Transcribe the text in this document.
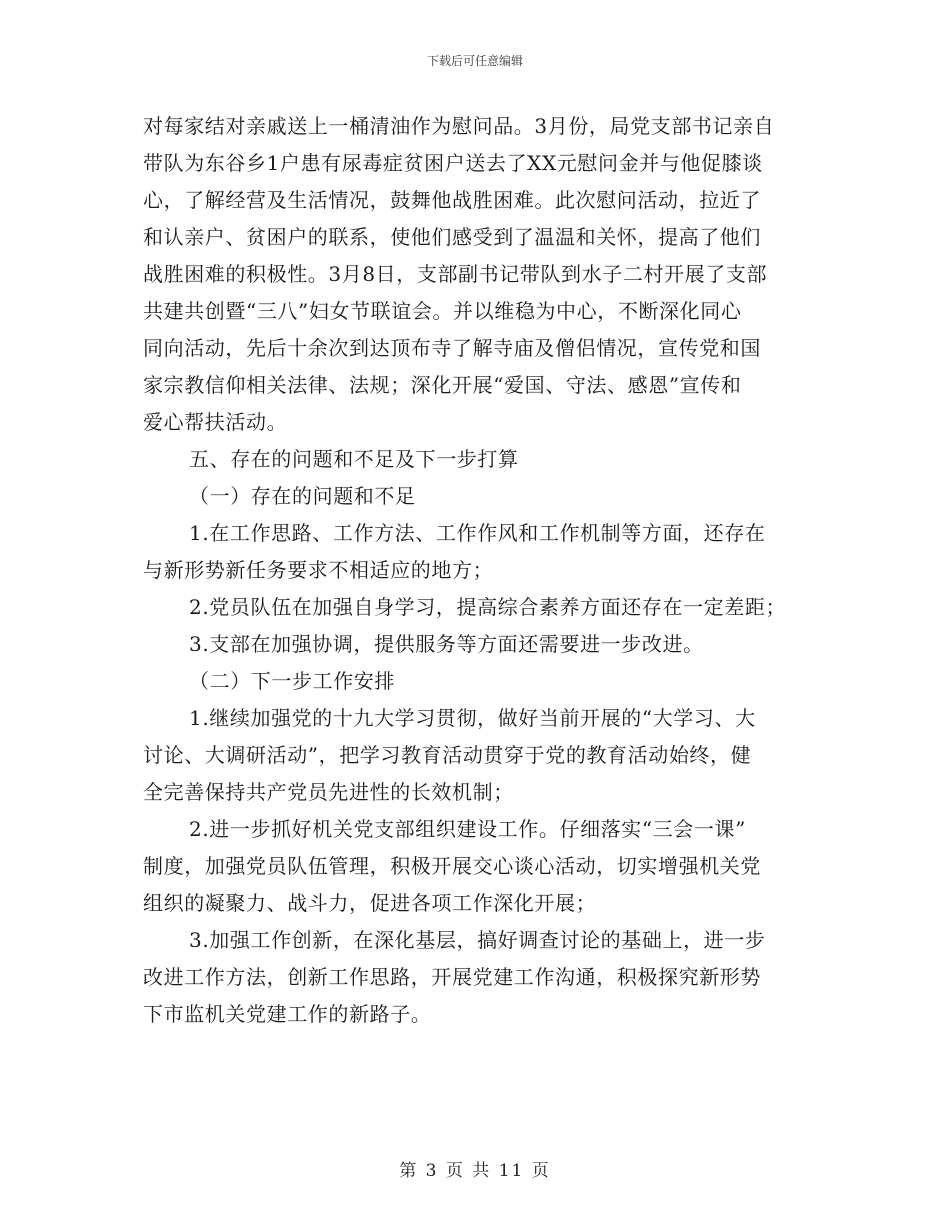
下载后可任意编辑
对每家结对亲戚送上一桶清油作为慰问品。3月份，局党支部书记亲自
带队为东谷乡1户患有尿毒症贫困户送去了XX元慰问金并与他促膝谈
心，了解经营及生活情况，鼓舞他战胜困难。此次慰问活动，拉近了
和认亲户、贫困户的联系，使他们感受到了温温和关怀，提高了他们
战胜困难的积极性。3月8日，支部副书记带队到水子二村开展了支部
共建共创暨“三八”妇女节联谊会。并以维稳为中心，不断深化同心
同向活动，先后十余次到达顶布寺了解寺庙及僧侣情况，宣传党和国
家宗教信仰相关法律、法规；深化开展“爱国、守法、感恩”宣传和
爱心帮扶活动。
五、存在的问题和不足及下一步打算
（一）存在的问题和不足
1.在工作思路、工作方法、工作作风和工作机制等方面，还存在
与新形势新任务要求不相适应的地方；
2.党员队伍在加强自身学习，提高综合素养方面还存在一定差距；
3.支部在加强协调，提供服务等方面还需要进一步改进。
（二）下一步工作安排
1.继续加强党的十九大学习贯彻，做好当前开展的“大学习、大
讨论、大调研活动”，把学习教育活动贯穿于党的教育活动始终，健
全完善保持共产党员先进性的长效机制；
2.进一步抓好机关党支部组织建设工作。仔细落实“三会一课”
制度，加强党员队伍管理，积极开展交心谈心活动，切实增强机关党
组织的凝聚力、战斗力，促进各项工作深化开展；
3.加强工作创新，在深化基层，搞好调查讨论的基础上，进一步
改进工作方法，创新工作思路，开展党建工作沟通，积极探究新形势
下市监机关党建工作的新路子。
第 3 页 共 11 页
